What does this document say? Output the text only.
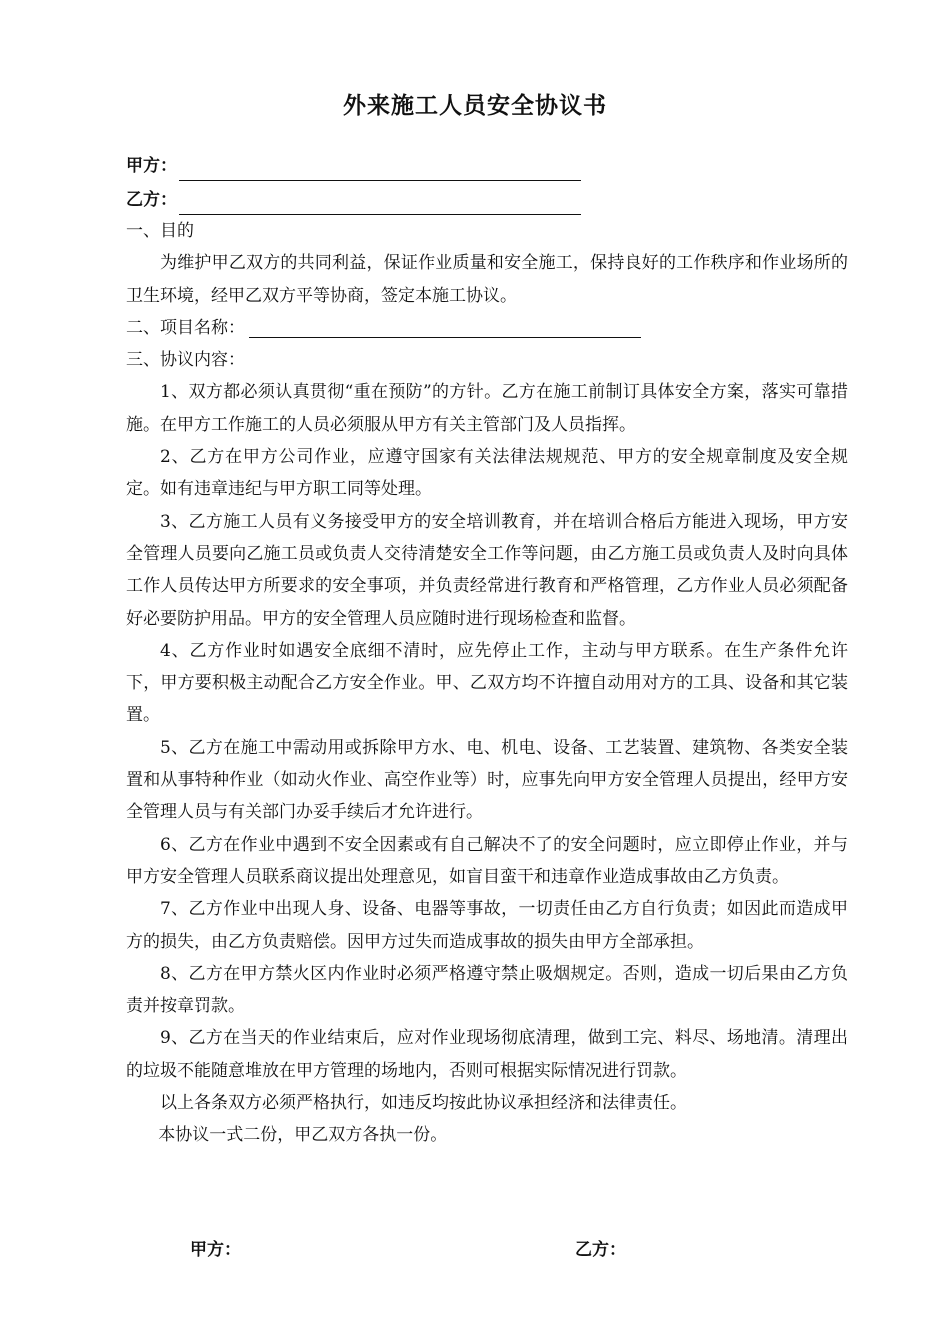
外来施工人员安全协议书
甲方：
乙方：

一、目的

为维护甲乙双方的共同利益，保证作业质量和安全施工，保持良好的工作秩序和作业场所的卫生环境，经甲乙双方平等协商，签定本施工协议。

二、项目名称：

三、协议内容：

1、双方都必须认真贯彻“重在预防”的方针。乙方在施工前制订具体安全方案，落实可靠措施。在甲方工作施工的人员必须服从甲方有关主管部门及人员指挥。

2、乙方在甲方公司作业，应遵守国家有关法律法规规范、甲方的安全规章制度及安全规定。如有违章违纪与甲方职工同等处理。

3、乙方施工人员有义务接受甲方的安全培训教育，并在培训合格后方能进入现场，甲方安全管理人员要向乙施工员或负责人交待清楚安全工作等问题，由乙方施工员或负责人及时向具体工作人员传达甲方所要求的安全事项，并负责经常进行教育和严格管理，乙方作业人员必须配备好必要防护用品。甲方的安全管理人员应随时进行现场检查和监督。

4、乙方作业时如遇安全底细不清时，应先停止工作，主动与甲方联系。在生产条件允许下，甲方要积极主动配合乙方安全作业。甲、乙双方均不许擅自动用对方的工具、设备和其它装置。

5、乙方在施工中需动用或拆除甲方水、电、机电、设备、工艺装置、建筑物、各类安全装置和从事特种作业（如动火作业、高空作业等）时，应事先向甲方安全管理人员提出，经甲方安全管理人员与有关部门办妥手续后才允许进行。

6、乙方在作业中遇到不安全因素或有自己解决不了的安全问题时，应立即停止作业，并与甲方安全管理人员联系商议提出处理意见，如盲目蛮干和违章作业造成事故由乙方负责。

7、乙方作业中出现人身、设备、电器等事故，一切责任由乙方自行负责；如因此而造成甲方的损失，由乙方负责赔偿。因甲方过失而造成事故的损失由甲方全部承担。

8、乙方在甲方禁火区内作业时必须严格遵守禁止吸烟规定。否则，造成一切后果由乙方负责并按章罚款。

9、乙方在当天的作业结束后，应对作业现场彻底清理，做到工完、料尽、场地清。清理出的垃圾不能随意堆放在甲方管理的场地内，否则可根据实际情况进行罚款。

以上各条双方必须严格执行，如违反均按此协议承担经济和法律责任。

本协议一式二份，甲乙双方各执一份。

甲方：	乙方：
